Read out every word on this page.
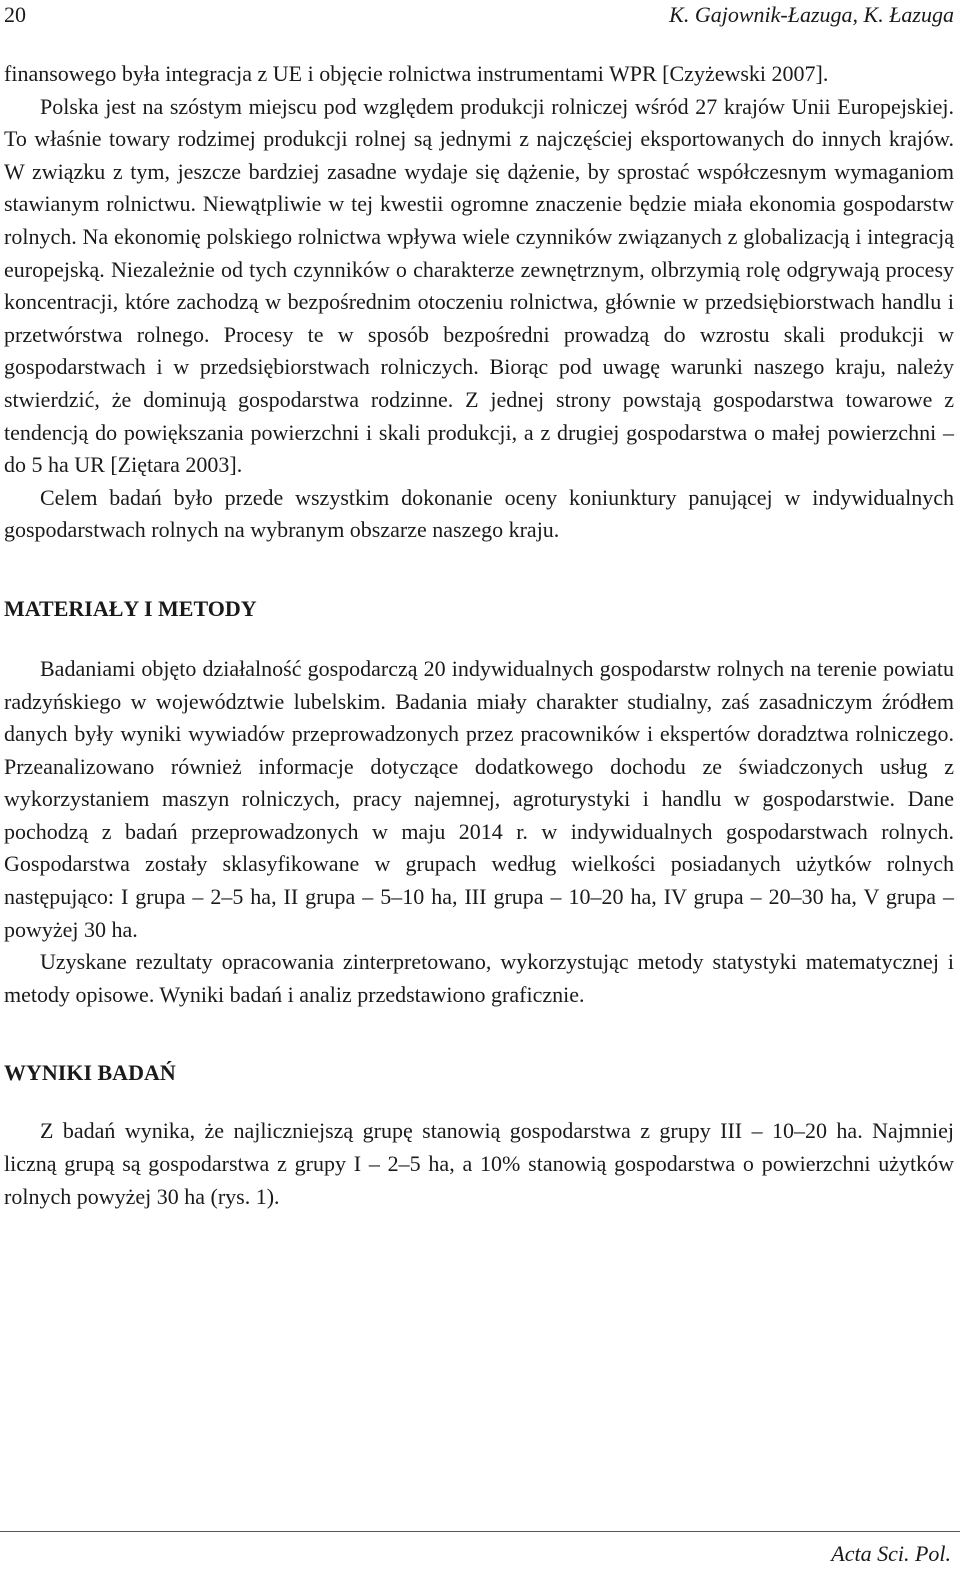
20	K. Gajownik-Łazuga, K. Łazuga

finansowego była integracja z UE i objęcie rolnictwa instrumentami WPR [Czyżewski 2007].

Polska jest na szóstym miejscu pod względem produkcji rolniczej wśród 27 krajów Unii Europejskiej. To właśnie towary rodzimej produkcji rolnej są jednymi z najczęściej eksportowanych do innych krajów. W związku z tym, jeszcze bardziej zasadne wydaje się dążenie, by sprostać współczesnym wymaganiom stawianym rolnictwu. Niewątpliwie w tej kwestii ogromne znaczenie będzie miała ekonomia gospodarstw rolnych. Na ekonomię polskiego rolnictwa wpływa wiele czynników związanych z globalizacją i integracją europejską. Niezależnie od tych czynników o charakterze zewnętrznym, olbrzymią rolę odgrywają procesy koncentracji, które zachodzą w bezpośrednim otoczeniu rolnictwa, głównie w przedsiębiorstwach handlu i przetwórstwa rolnego. Procesy te w sposób bezpośredni prowadzą do wzrostu skali produkcji w gospodarstwach i w przedsiębiorstwach rolniczych. Biorąc pod uwagę warunki naszego kraju, należy stwierdzić, że dominują gospodarstwa rodzinne. Z jednej strony powstają gospodarstwa towarowe z tendencją do powiększania powierzchni i skali produkcji, a z drugiej gospodarstwa o małej powierzchni – do 5 ha UR [Ziętara 2003].

Celem badań było przede wszystkim dokonanie oceny koniunktury panującej w indywidualnych gospodarstwach rolnych na wybranym obszarze naszego kraju.

MATERIAŁY I METODY

Badaniami objęto działalność gospodarczą 20 indywidualnych gospodarstw rolnych na terenie powiatu radzyńskiego w województwie lubelskim. Badania miały charakter studialny, zaś zasadniczym źródłem danych były wyniki wywiadów przeprowadzonych przez pracowników i ekspertów doradztwa rolniczego. Przeanalizowano również informacje dotyczące dodatkowego dochodu ze świadczonych usług z wykorzystaniem maszyn rolniczych, pracy najemnej, agroturystyki i handlu w gospodarstwie. Dane pochodzą z badań przeprowadzonych w maju 2014 r. w indywidualnych gospodarstwach rolnych. Gospodarstwa zostały sklasyfikowane w grupach według wielkości posiadanych użytków rolnych następująco: I grupa – 2–5 ha, II grupa – 5–10 ha, III grupa – 10–20 ha, IV grupa – 20–30 ha, V grupa – powyżej 30 ha.

Uzyskane rezultaty opracowania zinterpretowano, wykorzystując metody statystyki matematycznej i metody opisowe. Wyniki badań i analiz przedstawiono graficznie.

WYNIKI BADAŃ

Z badań wynika, że najliczniejszą grupę stanowią gospodarstwa z grupy III – 10–20 ha. Najmniej liczną grupą są gospodarstwa z grupy I – 2–5 ha, a 10% stanowią gospodarstwa o powierzchni użytków rolnych powyżej 30 ha (rys. 1).

Acta Sci. Pol.
